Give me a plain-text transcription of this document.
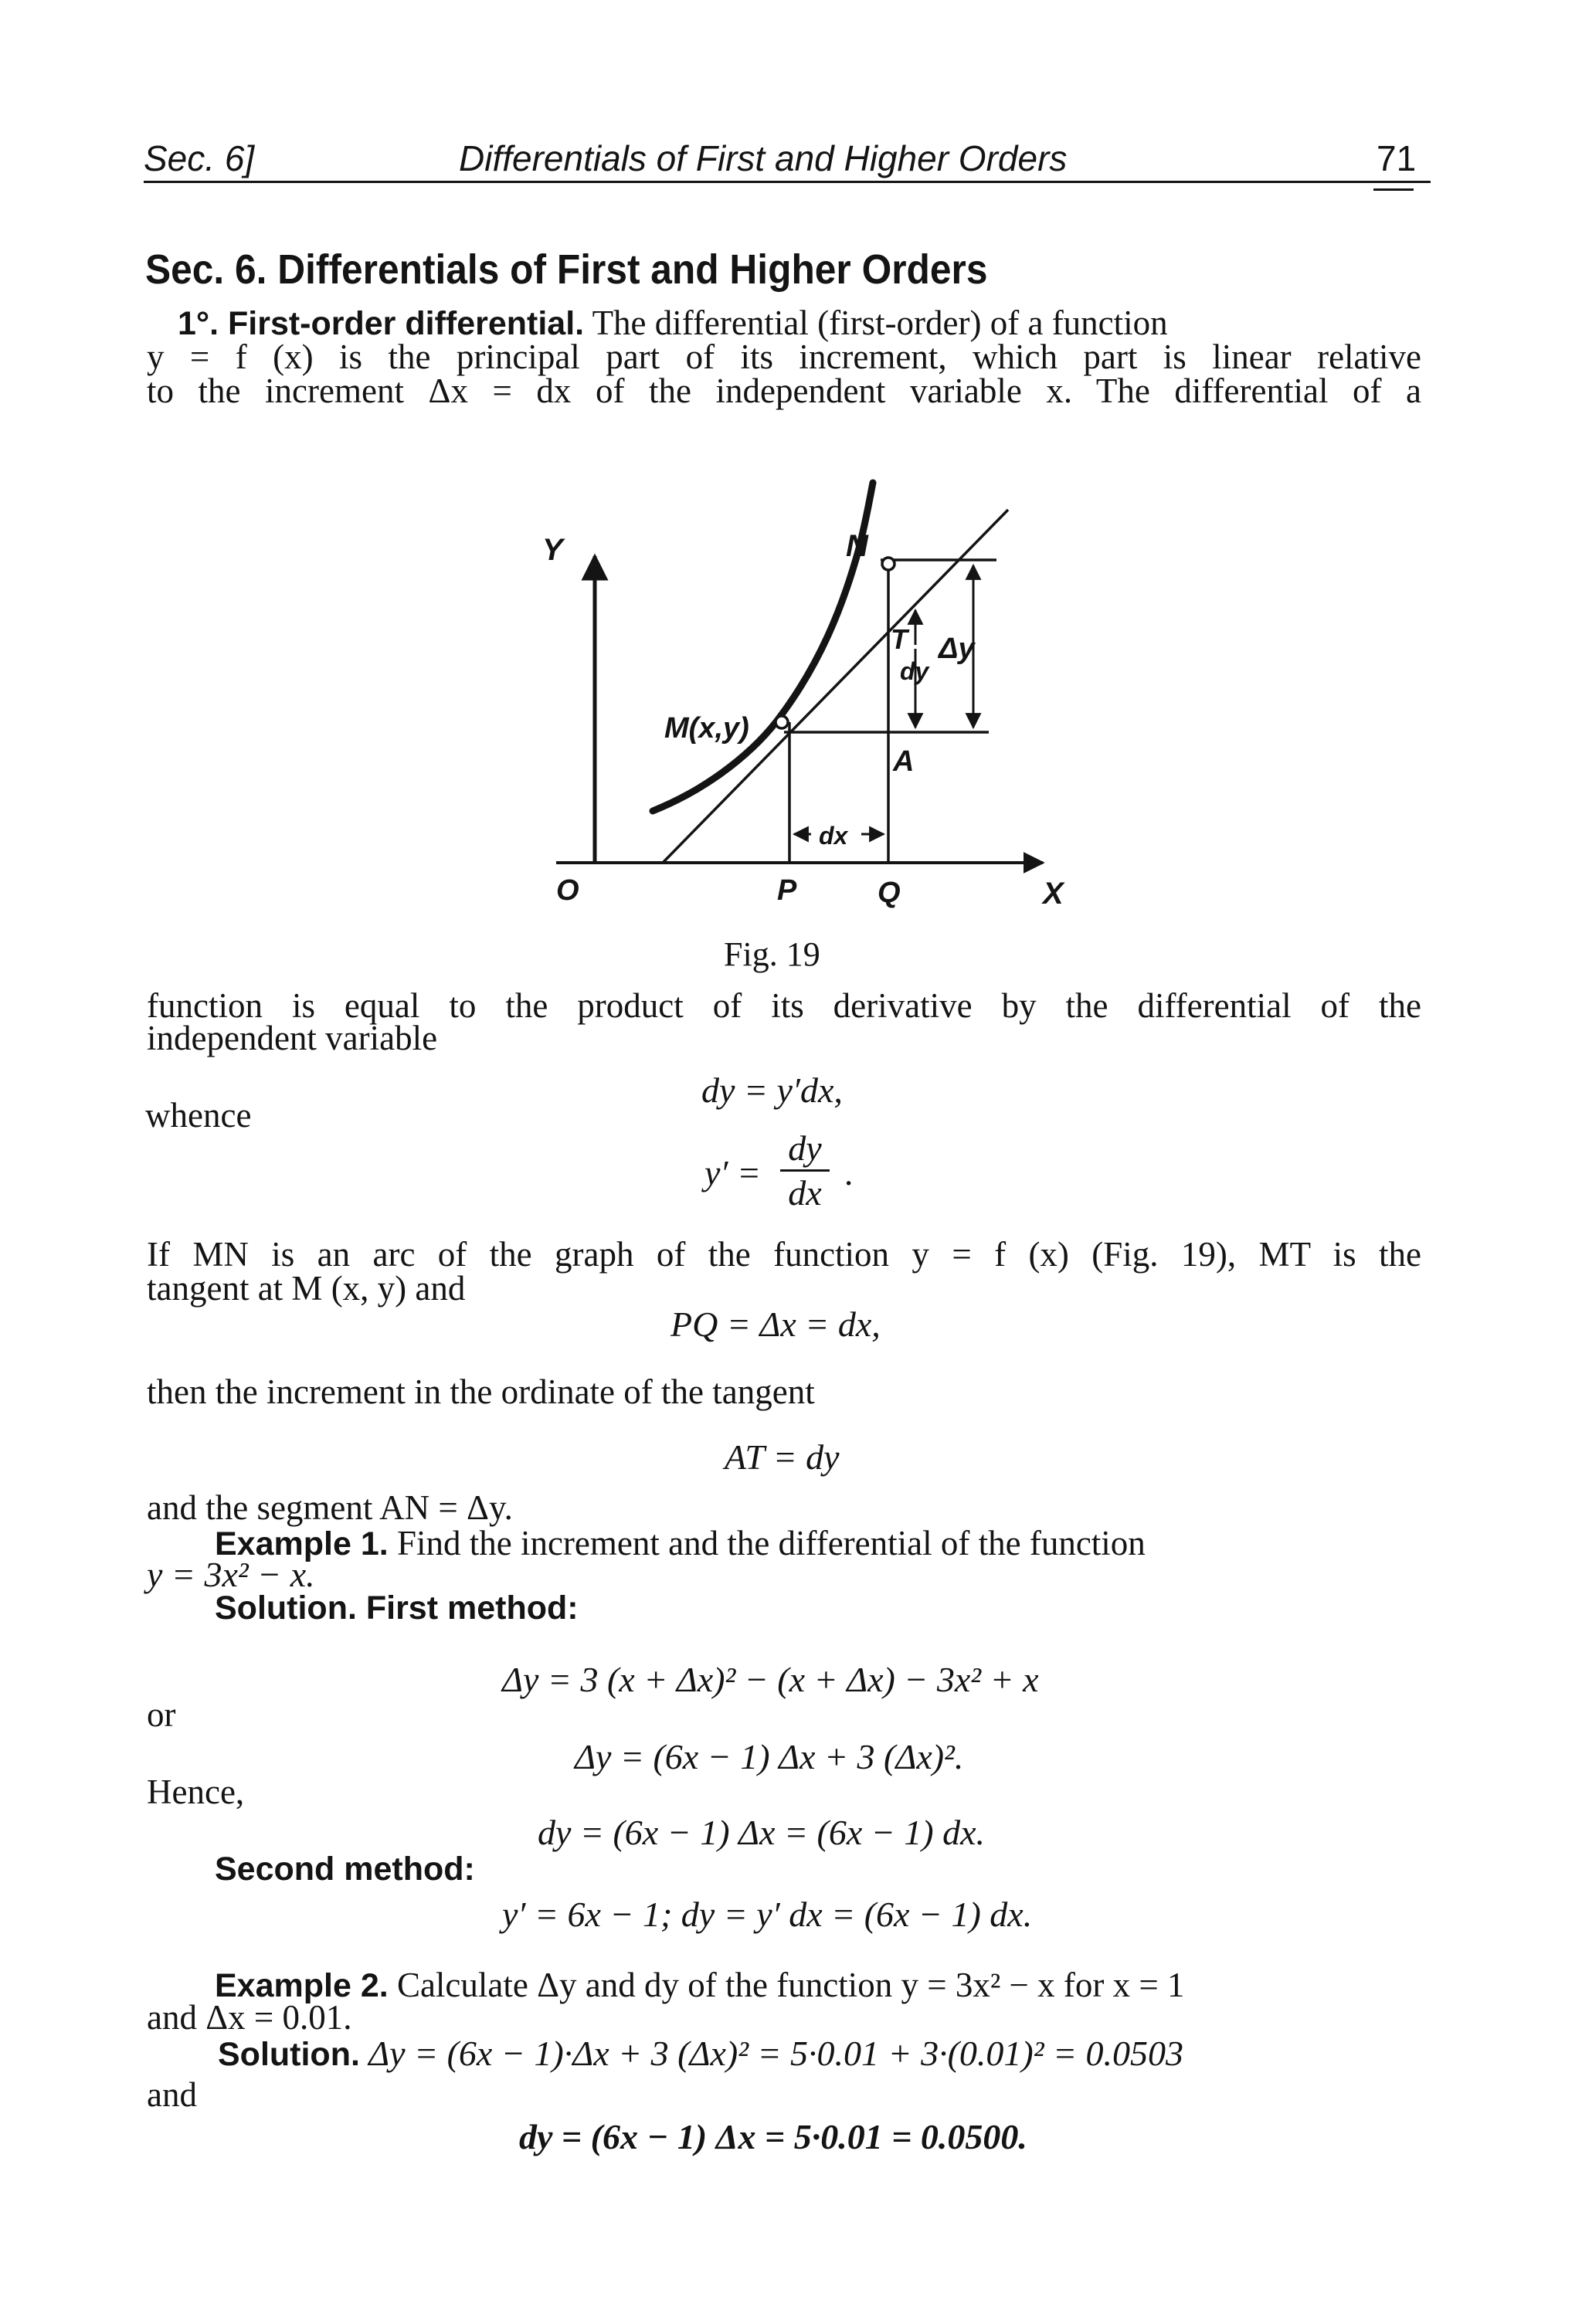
Sec. 6]	Differentials of First and Higher Orders	71
Sec. 6. Differentials of First and Higher Orders
1°. First-order differential. The differential (first-order) of a function
y = f (x) is the principal part of its increment, which part is linear relative
to the increment Δx = dx of the independent variable x. The differential of a
Y
X
O	P	Q
N
M(x,y)
T
A
Δy
dy
dx
Fig. 19
function is equal to the product of its derivative by the differential of the
independent variable
dy = y′dx,
whence
y′ =
dy
dx
.
If MN is an arc of the graph of the function y = f (x) (Fig. 19), MT is the
tangent at M (x, y) and
PQ = Δx = dx,
then the increment in the ordinate of the tangent
AT = dy
and the segment AN = Δy.
Example 1. Find the increment and the differential of the function
y = 3x² − x.
Solution. First method:
Δy = 3 (x + Δx)² − (x + Δx) − 3x² + x
or
Δy = (6x − 1) Δx + 3 (Δx)².
Hence,
dy = (6x − 1) Δx = (6x − 1) dx.
Second method:
y′ = 6x − 1; dy = y′ dx = (6x − 1) dx.
Example 2. Calculate Δy and dy of the function y = 3x² − x for x = 1
and Δx = 0.01.
Solution. Δy = (6x − 1)·Δx + 3 (Δx)² = 5·0.01 + 3·(0.01)² = 0.0503
and
dy = (6x − 1) Δx = 5·0.01 = 0.0500.
